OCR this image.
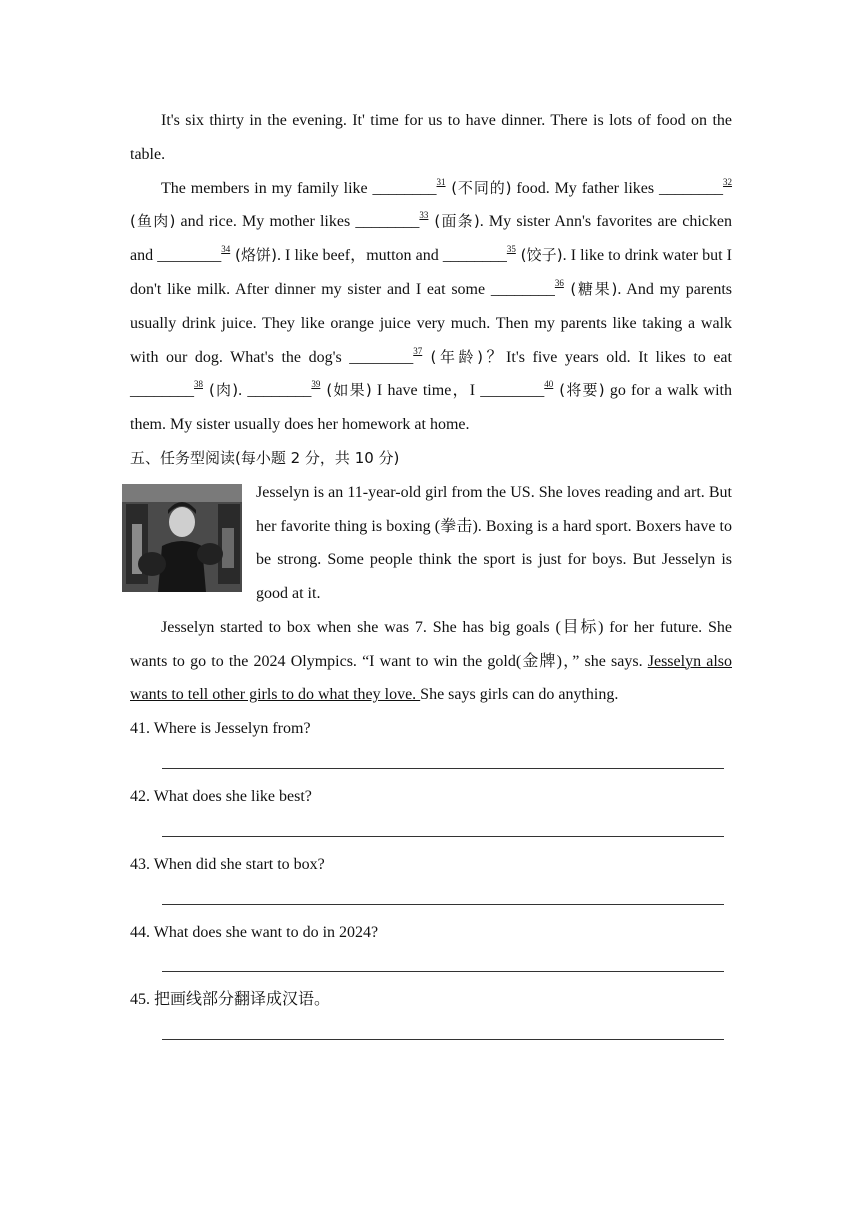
It's six thirty in the evening. It' time for us to have dinner. There is lots of food on the table.

The members in my family like ________$^{31}$ (不同的) food. My father likes ________$^{32}$ (鱼肉) and rice. My mother likes ________$^{33}$ (面条). My sister Ann's favorites are chicken and ________$^{34}$ (烙饼). I like beef，mutton and ________$^{35}$ (饺子). I like to drink water but I don't like milk. After dinner my sister and I eat some ________$^{36}$ (糖果). And my parents usually drink juice. They like orange juice very much. Then my parents like taking a walk with our dog. What's the dog's ________$^{37}$ (年龄)？It's five years old. It likes to eat ________$^{38}$ (肉). ________$^{39}$ (如果) I have time，I ________$^{40}$ (将要) go for a walk with them. My sister usually does her homework at home.

五、任务型阅读(每小题 2 分，共 10 分)

Jesselyn is an 11-year-old girl from the US. She loves reading and art. But her favorite thing is boxing (拳击). Boxing is a hard sport. Boxers have to be strong. Some people think the sport is just for boys. But Jesselyn is good at it.

Jesselyn started to box when she was 7. She has big goals (目标) for her future. She wants to go to the 2024 Olympics. “I want to win the gold(金牌)，” she says. Jesselyn also wants to tell other girls to do what they love. She says girls can do anything.

41. Where is Jesselyn from?

42. What does she like best?

43. When did she start to box?

44. What does she want to do in 2024?

45. 把画线部分翻译成汉语。
